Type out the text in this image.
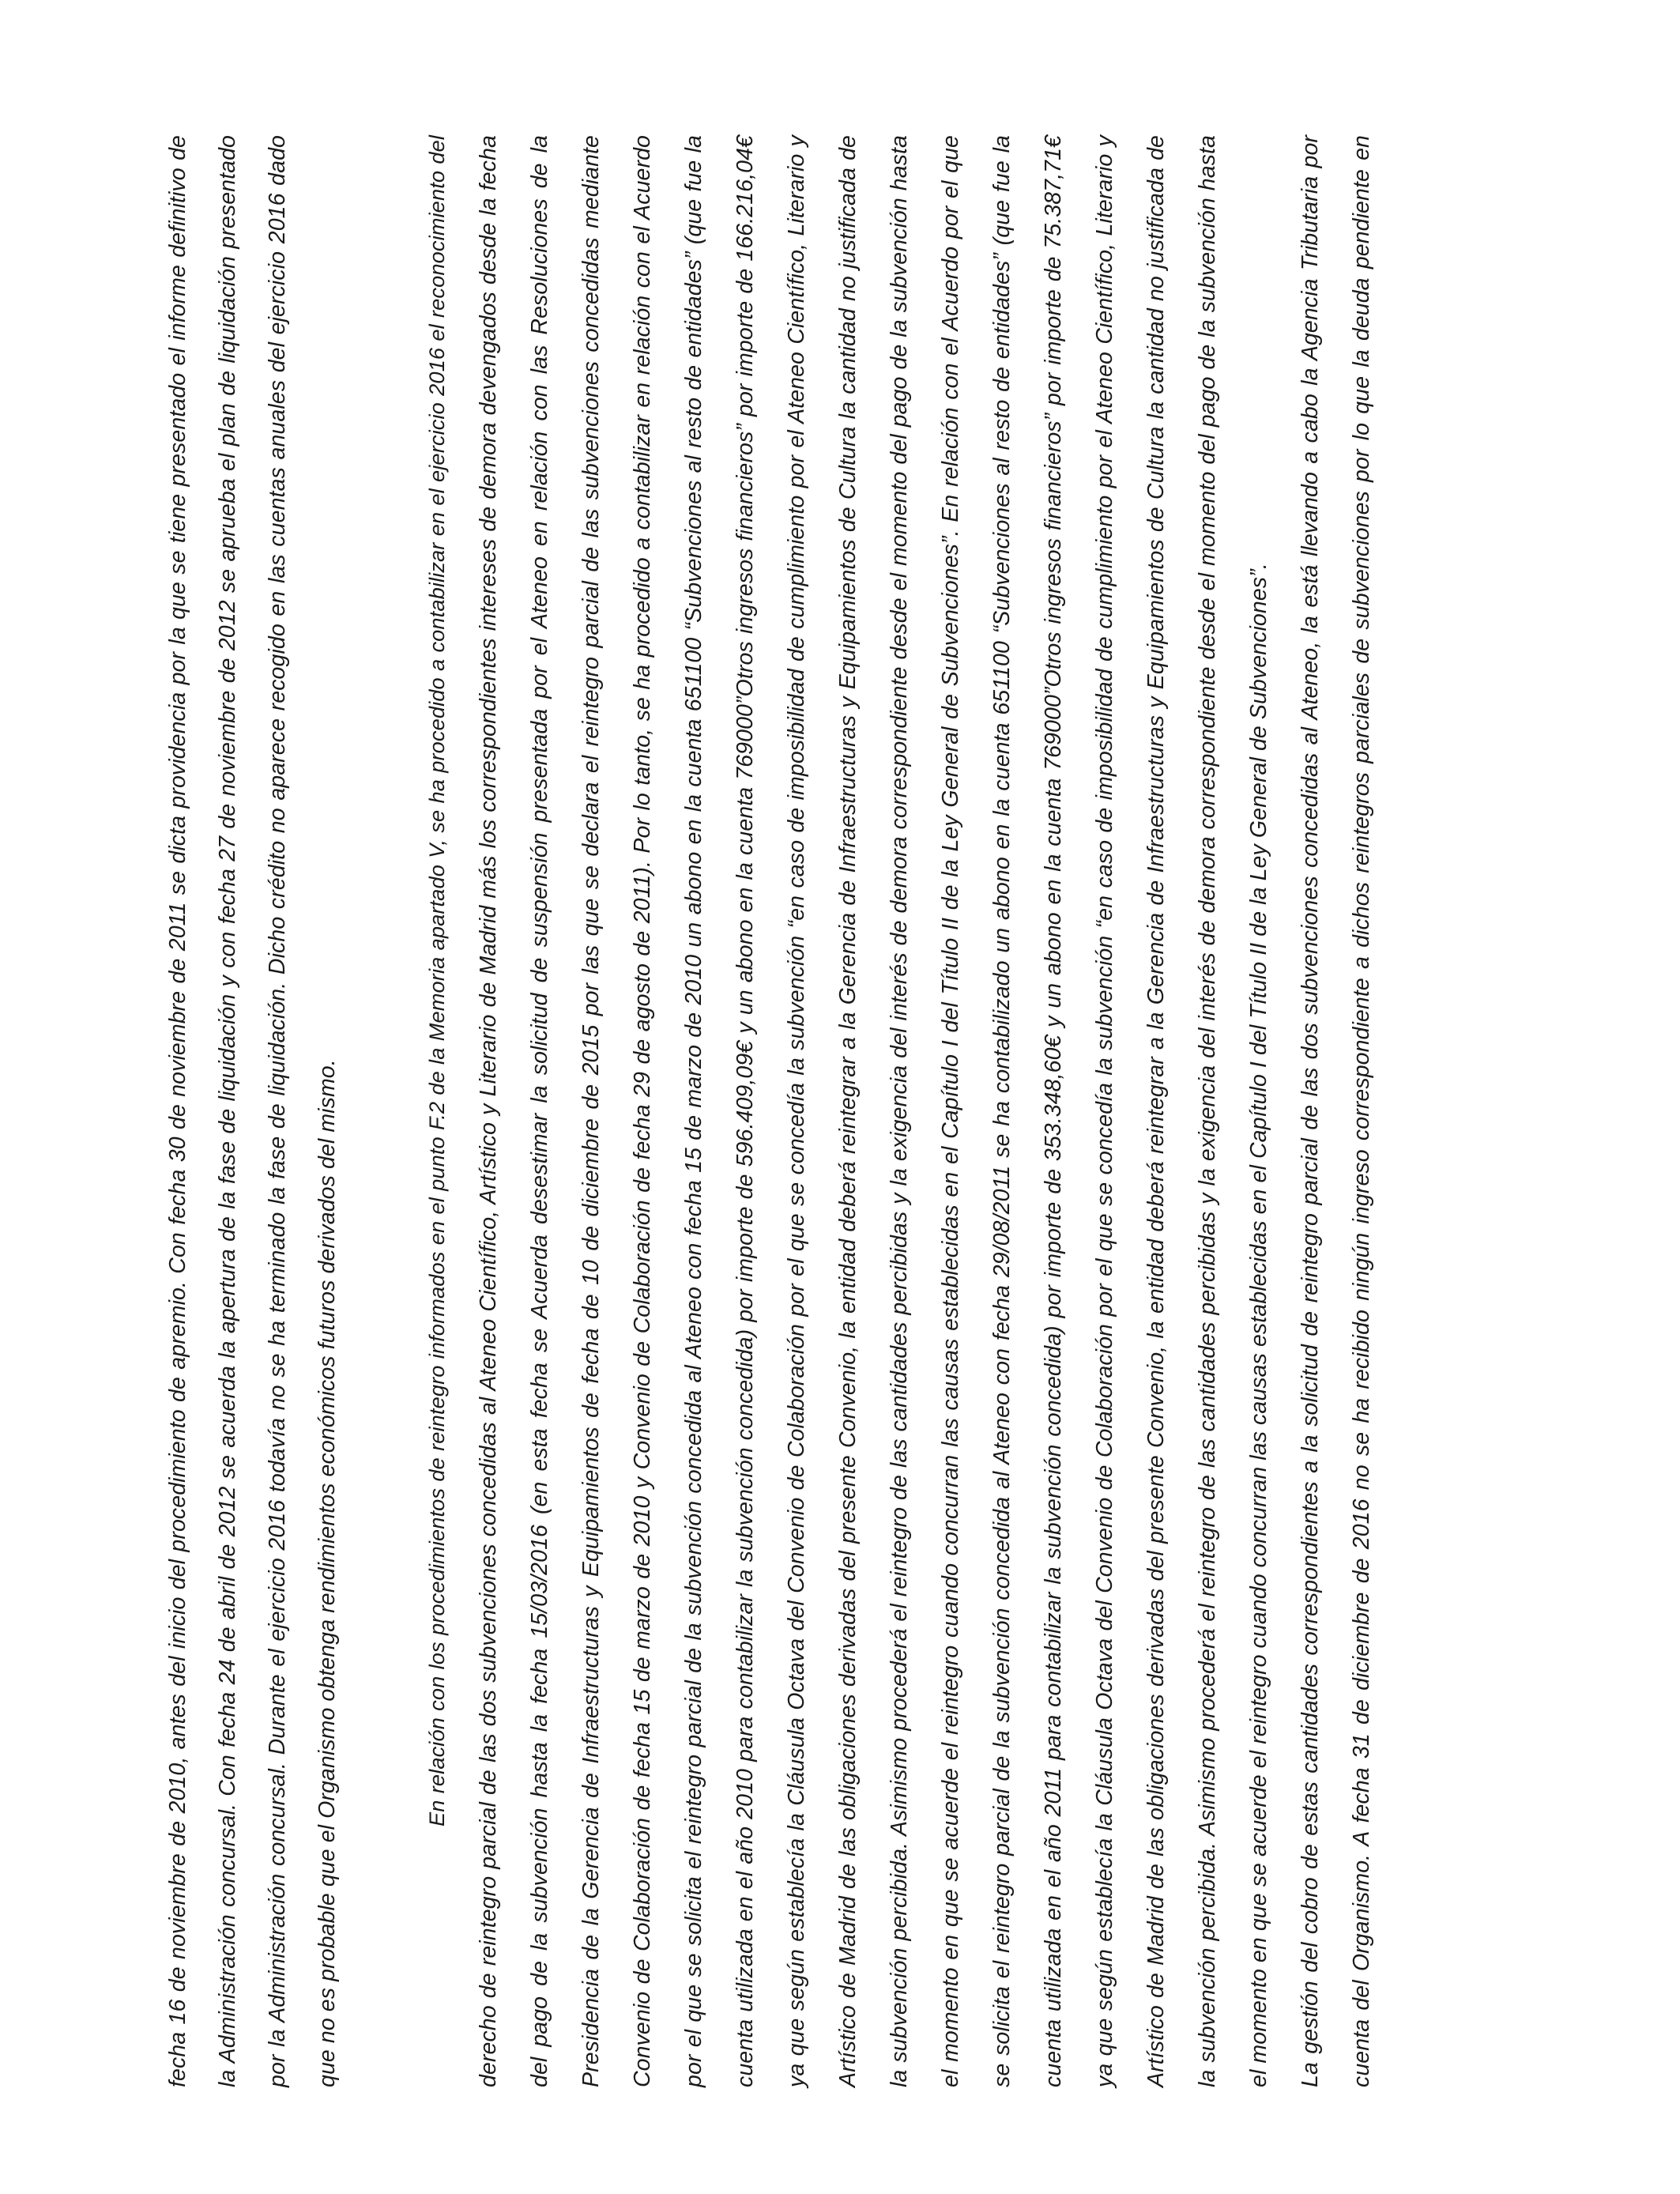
fecha 16 de noviembre de 2010, antes del inicio del procedimiento de apremio. Con fecha 30 de noviembre de 2011 se dicta providencia por la que se tiene presentado el informe definitivo de la Administración concursal. Con fecha 24 de abril de 2012 se acuerda la apertura de la fase de liquidación y con fecha 27 de noviembre de 2012 se aprueba el plan de liquidación presentado por la Administración concursal. Durante el ejercicio 2016 todavía no se ha terminado la fase de liquidación. Dicho crédito no aparece recogido en las cuentas anuales del ejercicio 2016 dado que no es probable que el Organismo obtenga rendimientos económicos futuros derivados del mismo.	En relación con los procedimientos de reintegro informados en el punto F.2 de la Memoria apartado V, se ha procedido a contabilizar en el ejercicio 2016 el reconocimiento del derecho de reintegro parcial de las dos subvenciones concedidas al Ateneo Científico, Artístico y Literario de Madrid más los correspondientes intereses de demora devengados desde la fecha del pago de la subvención hasta la fecha 15/03/2016 (en esta fecha se Acuerda desestimar la solicitud de suspensión presentada por el Ateneo en relación con las Resoluciones de la Presidencia de la Gerencia de Infraestructuras y Equipamientos de fecha de 10 de diciembre de 2015 por las que se declara el reintegro parcial de las subvenciones concedidas mediante Convenio de Colaboración de fecha 15 de marzo de 2010 y Convenio de Colaboración de fecha 29 de agosto de 2011). Por lo tanto, se ha procedido a contabilizar en relación con el Acuerdo por el que se solicita el reintegro parcial de la subvención concedida al Ateneo con fecha 15 de marzo de 2010 un abono en la cuenta 651100 “Subvenciones al resto de entidades” (que fue la cuenta utilizada en el año 2010 para contabilizar la subvención concedida) por importe de 596.409,09€ y un abono en la cuenta 769000”Otros ingresos financieros” por importe de 166.216,04€ ya que según establecía la Cláusula Octava del Convenio de Colaboración por el que se concedía la subvención “en caso de imposibilidad de cumplimiento por el Ateneo Científico, Literario y Artístico de Madrid de las obligaciones derivadas del presente Convenio, la entidad deberá reintegrar a la Gerencia de Infraestructuras y Equipamientos de Cultura la cantidad no justificada de la subvención percibida. Asimismo procederá el reintegro de las cantidades percibidas y la exigencia del interés de demora correspondiente desde el momento del pago de la subvención hasta el momento en que se acuerde el reintegro cuando concurran las causas establecidas en el Capítulo I del Título II de la Ley General de Subvenciones”. En relación con el Acuerdo por el que se solicita el reintegro parcial de la subvención concedida al Ateneo con fecha 29/08/2011 se ha contabilizado un abono en la cuenta 651100 “Subvenciones al resto de entidades” (que fue la cuenta utilizada en el año 2011 para contabilizar la subvención concedida) por importe de 353.348,60€ y un abono en la cuenta 769000”Otros ingresos financieros” por importe de 75.387,71€ ya que según establecía la Cláusula Octava del Convenio de Colaboración por el que se concedía la subvención “en caso de imposibilidad de cumplimiento por el Ateneo Científico, Literario y Artístico de Madrid de las obligaciones derivadas del presente Convenio, la entidad deberá reintegrar a la Gerencia de Infraestructuras y Equipamientos de Cultura la cantidad no justificada de la subvención percibida. Asimismo procederá el reintegro de las cantidades percibidas y la exigencia del interés de demora correspondiente desde el momento del pago de la subvención hasta el momento en que se acuerde el reintegro cuando concurran las causas establecidas en el Capítulo I del Título II de la Ley General de Subvenciones”. La gestión del cobro de estas cantidades correspondientes a la solicitud de reintegro parcial de las dos subvenciones concedidas al Ateneo, la está llevando a cabo la Agencia Tributaria por cuenta del Organismo. A fecha 31 de diciembre de 2016 no se ha recibido ningún ingreso correspondiente a dichos reintegros parciales de subvenciones por lo que la deuda pendiente en
